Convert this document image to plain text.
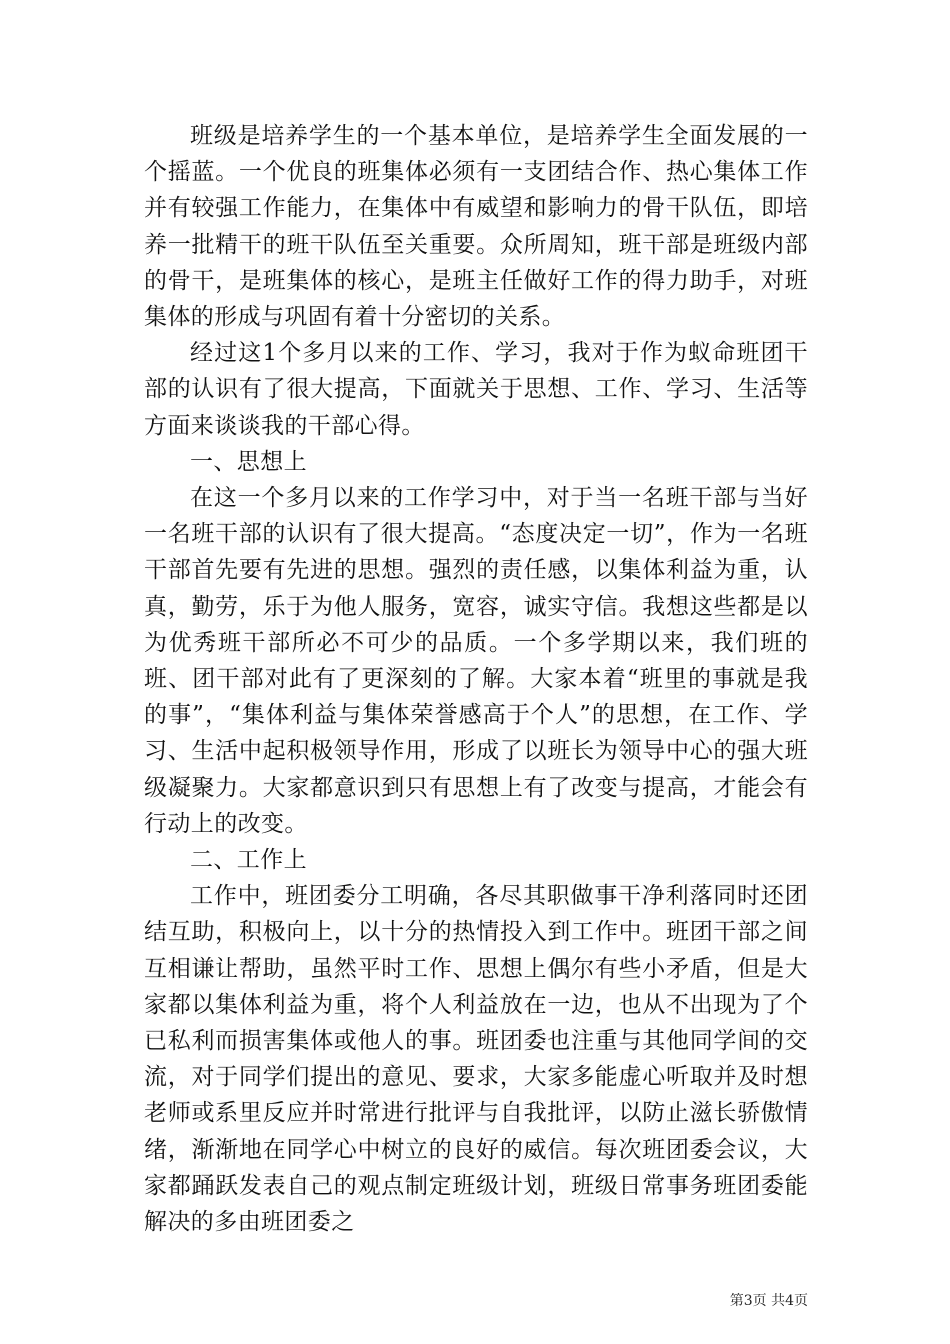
班级是培养学生的一个基本单位，是培养学生全面发展的一个摇蓝。一个优良的班集体必须有一支团结合作、热心集体工作并有较强工作能力，在集体中有威望和影响力的骨干队伍，即培养一批精干的班干队伍至关重要。众所周知，班干部是班级内部的骨干，是班集体的核心，是班主任做好工作的得力助手，对班集体的形成与巩固有着十分密切的关系。

经过这1个多月以来的工作、学习，我对于作为蚁命班团干部的认识有了很大提高，下面就关于思想、工作、学习、生活等方面来谈谈我的干部心得。

一、思想上

在这一个多月以来的工作学习中，对于当一名班干部与当好一名班干部的认识有了很大提高。“态度决定一切”，作为一名班干部首先要有先进的思想。强烈的责任感，以集体利益为重，认真，勤劳，乐于为他人服务，宽容，诚实守信。我想这些都是以为优秀班干部所必不可少的品质。一个多学期以来，我们班的班、团干部对此有了更深刻的了解。大家本着“班里的事就是我的事”，“集体利益与集体荣誉感高于个人”的思想，在工作、学习、生活中起积极领导作用，形成了以班长为领导中心的强大班级凝聚力。大家都意识到只有思想上有了改变与提高，才能会有行动上的改变。

二、工作上

工作中，班团委分工明确，各尽其职做事干净利落同时还团结互助，积极向上，以十分的热情投入到工作中。班团干部之间互相谦让帮助，虽然平时工作、思想上偶尔有些小矛盾，但是大家都以集体利益为重，将个人利益放在一边，也从不出现为了个已私利而损害集体或他人的事。班团委也注重与其他同学间的交流，对于同学们提出的意见、要求，大家多能虚心听取并及时想老师或系里反应并时常进行批评与自我批评，以防止滋长骄傲情绪，渐渐地在同学心中树立的良好的威信。每次班团委会议，大家都踊跃发表自己的观点制定班级计划，班级日常事务班团委能解决的多由班团委之

第3页 共4页
